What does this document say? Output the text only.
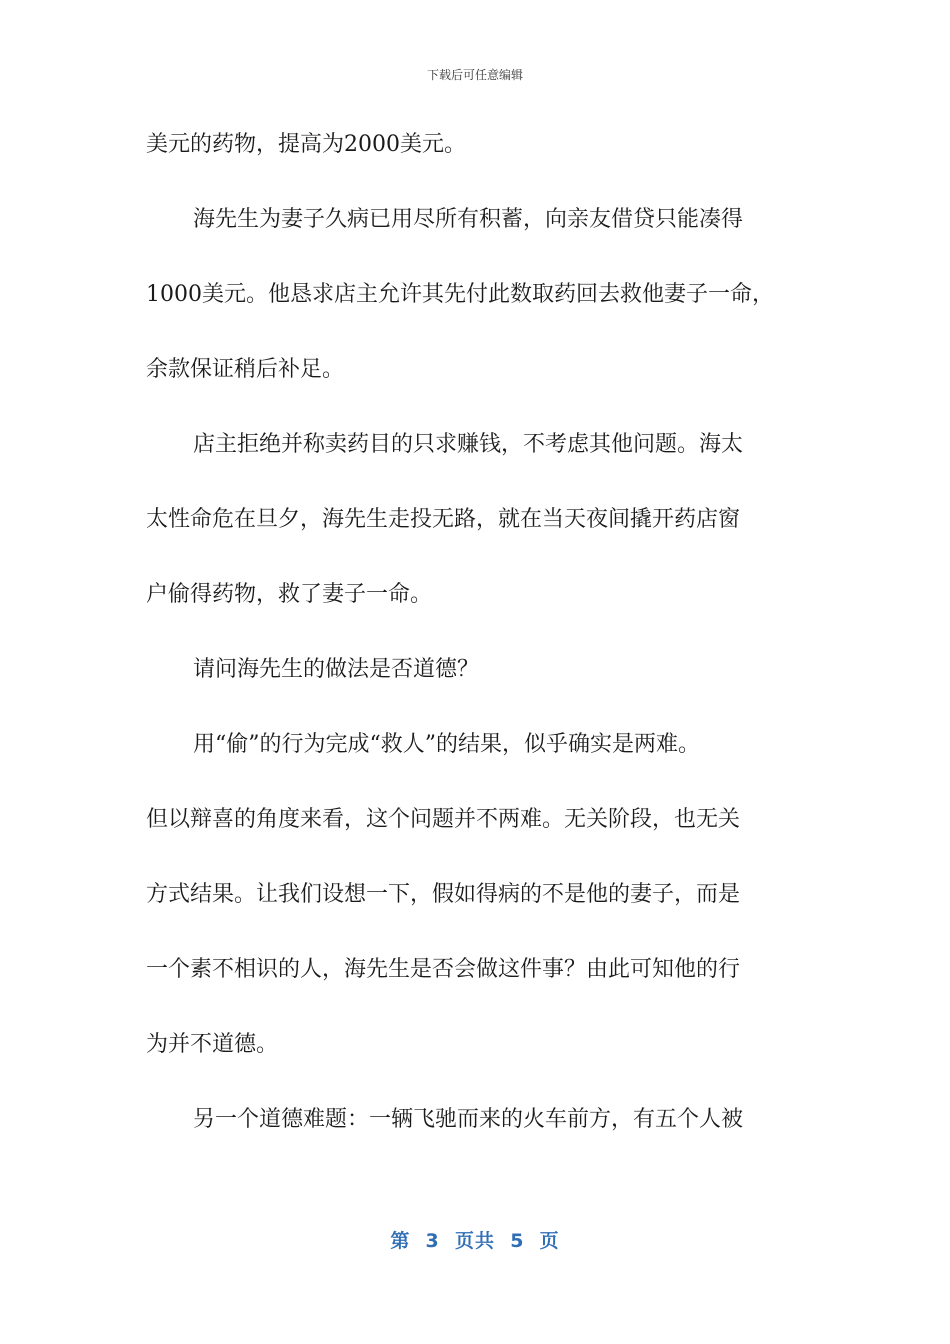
下载后可任意编辑
美元的药物，提高为2000美元。
海先生为妻子久病已用尽所有积蓄，向亲友借贷只能凑得
1000美元。他恳求店主允许其先付此数取药回去救他妻子一命，
余款保证稍后补足。
店主拒绝并称卖药目的只求赚钱，不考虑其他问题。海太
太性命危在旦夕，海先生走投无路，就在当天夜间撬开药店窗
户偷得药物，救了妻子一命。
请问海先生的做法是否道德？
用“偷”的行为完成“救人”的结果，似乎确实是两难。
但以辩喜的角度来看，这个问题并不两难。无关阶段，也无关
方式结果。让我们设想一下，假如得病的不是他的妻子，而是
一个素不相识的人，海先生是否会做这件事？由此可知他的行
为并不道德。
另一个道德难题：一辆飞驰而来的火车前方，有五个人被
第  3  页共  5  页
